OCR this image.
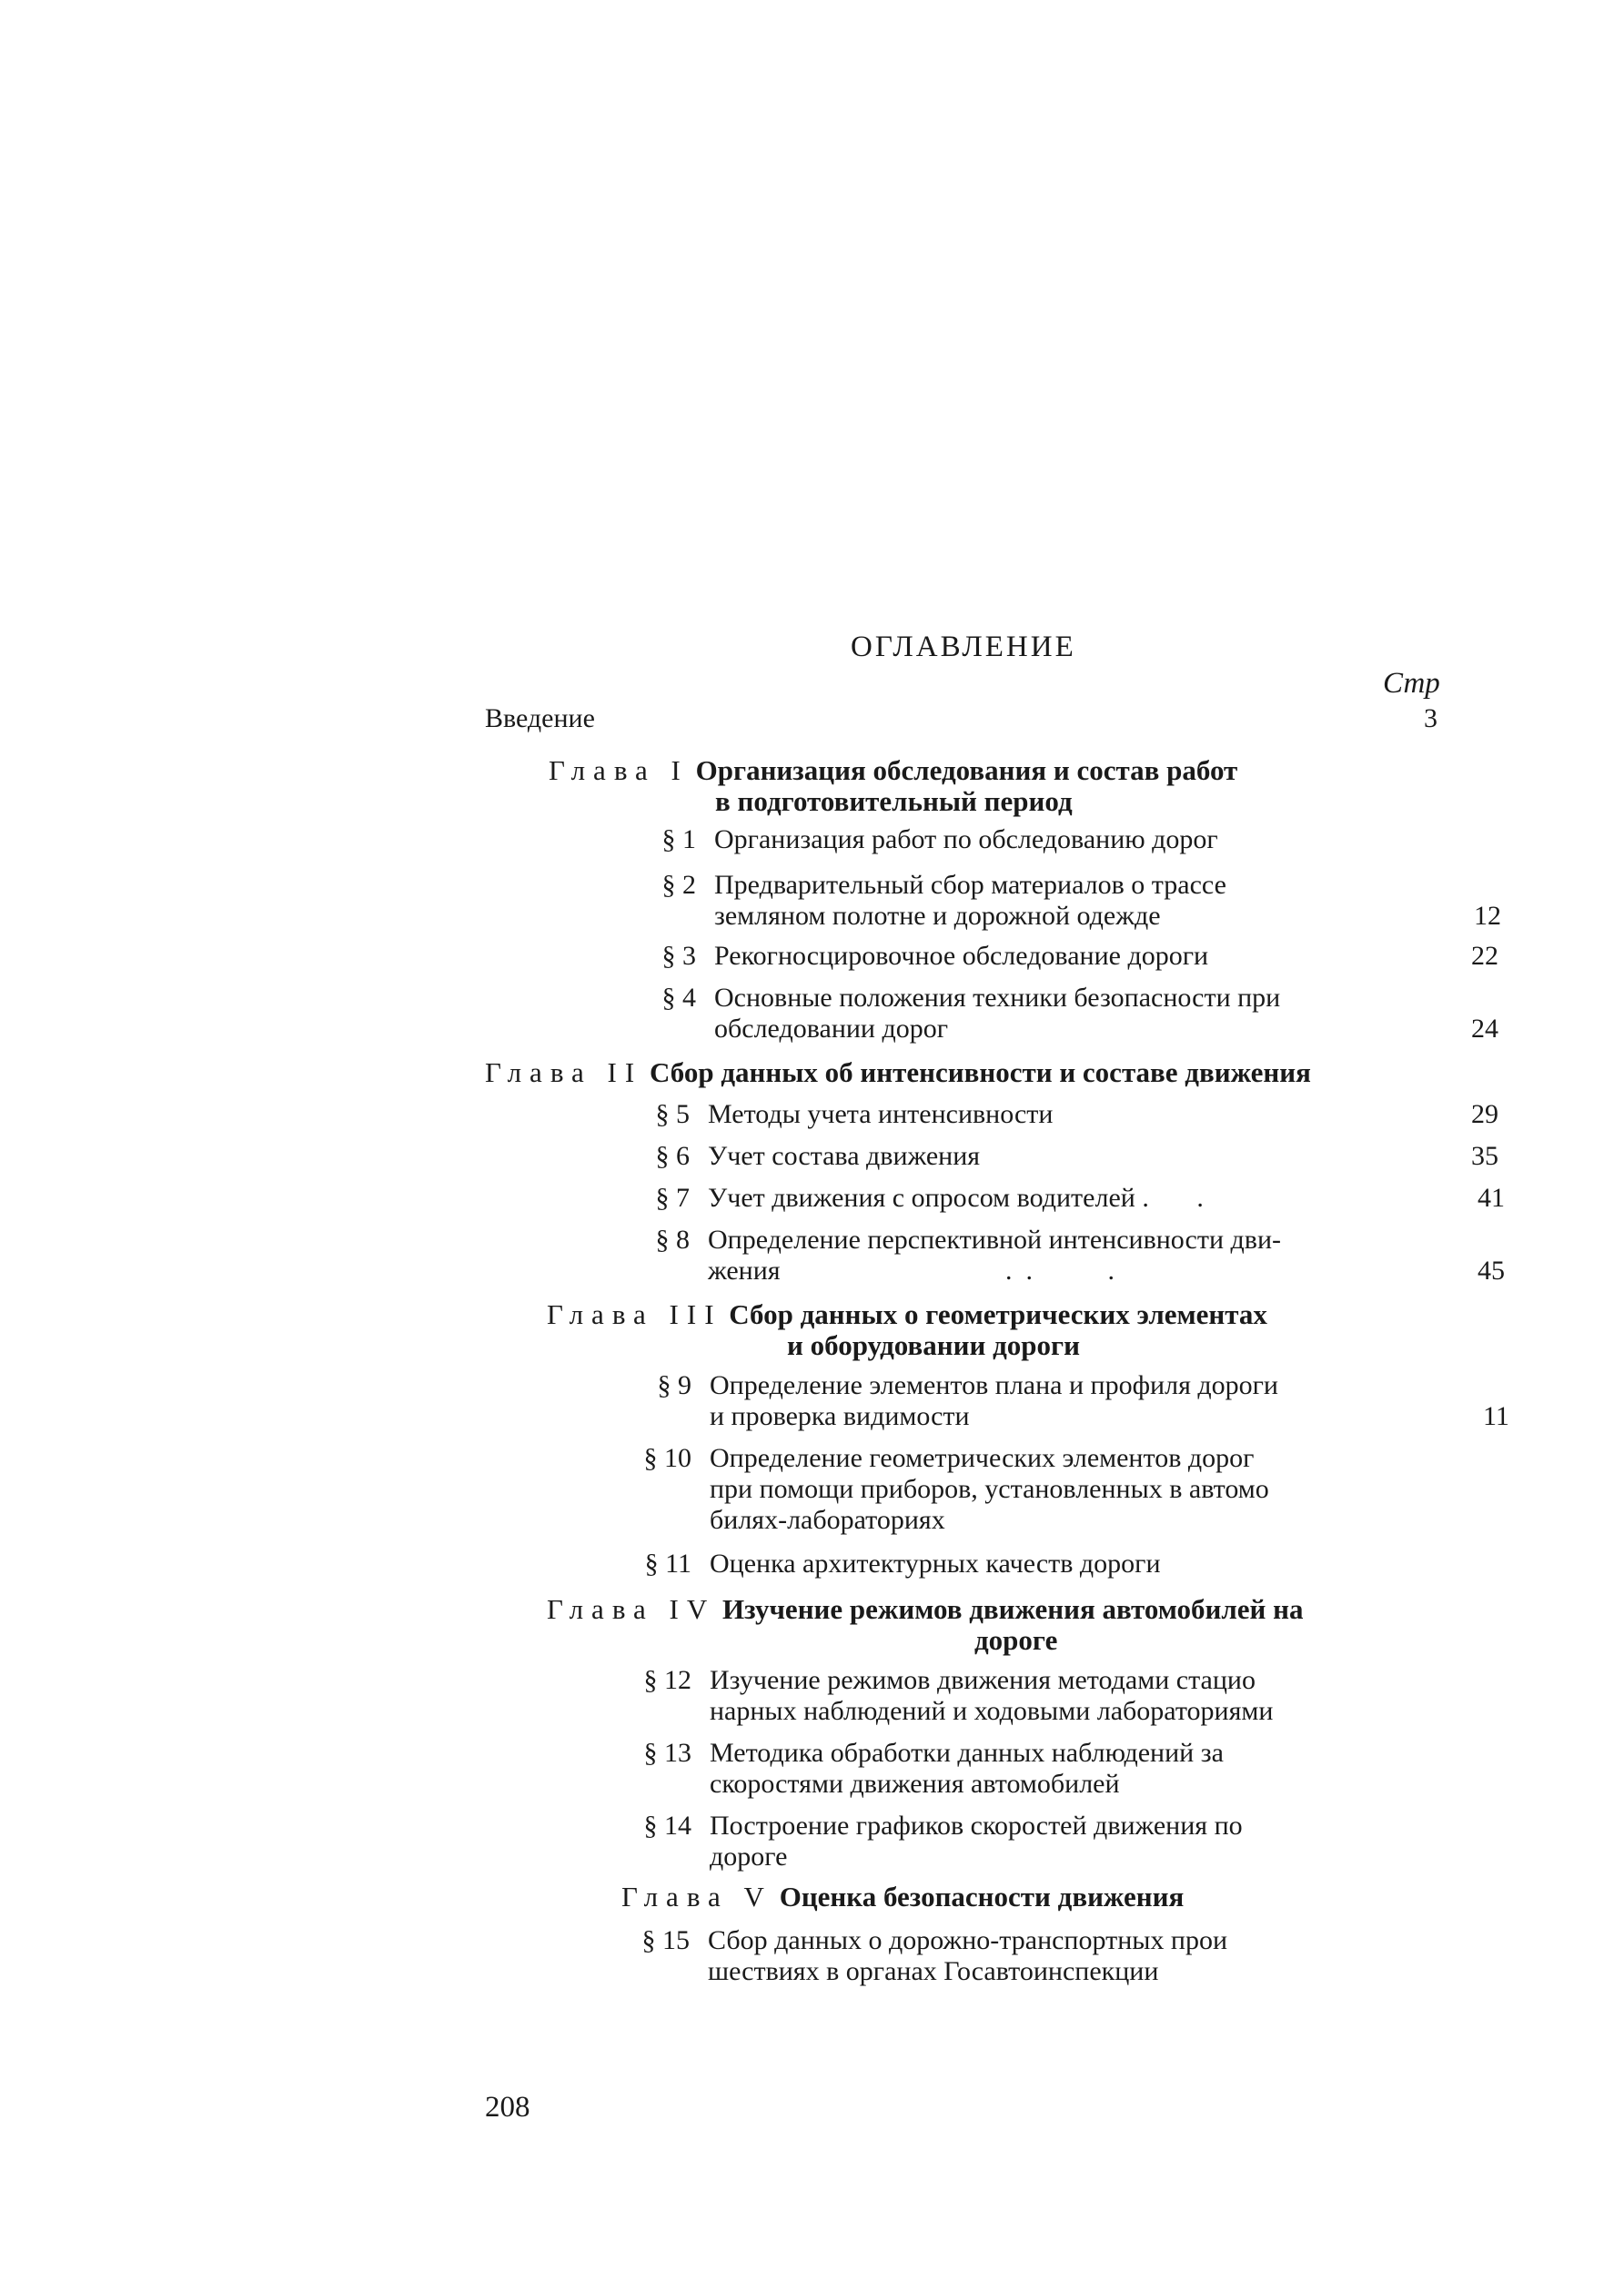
ОГЛАВЛЕНИЕ
Стр
Введение	3
Глава I Организация обследования и состав работ
в подготовительный период
§ 1 Организация работ по обследованию дорог
§ 2 Предварительный сбор материалов о трассе
земляном полотне и дорожной одежде	12
§ 3 Рекогносцировочное обследование дороги	22
§ 4 Основные положения техники безопасности при
обследовании дорог	24
Глава II Сбор данных об интенсивности и составе движения
§ 5 Методы учета интенсивности	29
§ 6 Учет состава движения	35
§ 7 Учет движения с опросом водителей .       .	41
§ 8 Определение перспективной интенсивности дви-
жения                                 .  .           .	45
Глава III Сбор данных о геометрических элементах
и оборудовании дороги
§ 9 Определение элементов плана и профиля дороги
и проверка видимости	11
§ 10 Определение геометрических элементов дорог
при помощи приборов, установленных в автомо
билях-лабораториях
§ 11 Оценка архитектурных качеств дороги
Глава IV Изучение режимов движения автомобилей на
дороге
§ 12 Изучение режимов движения методами стацио
нарных наблюдений и ходовыми лабораториями
§ 13 Методика обработки данных наблюдений за
скоростями движения автомобилей
§ 14 Построение графиков скоростей движения по
дороге
Глава V Оценка безопасности движения
§ 15 Сбор данных о дорожно-транспортных прои
шествиях в органах Госавтоинспекции
208
